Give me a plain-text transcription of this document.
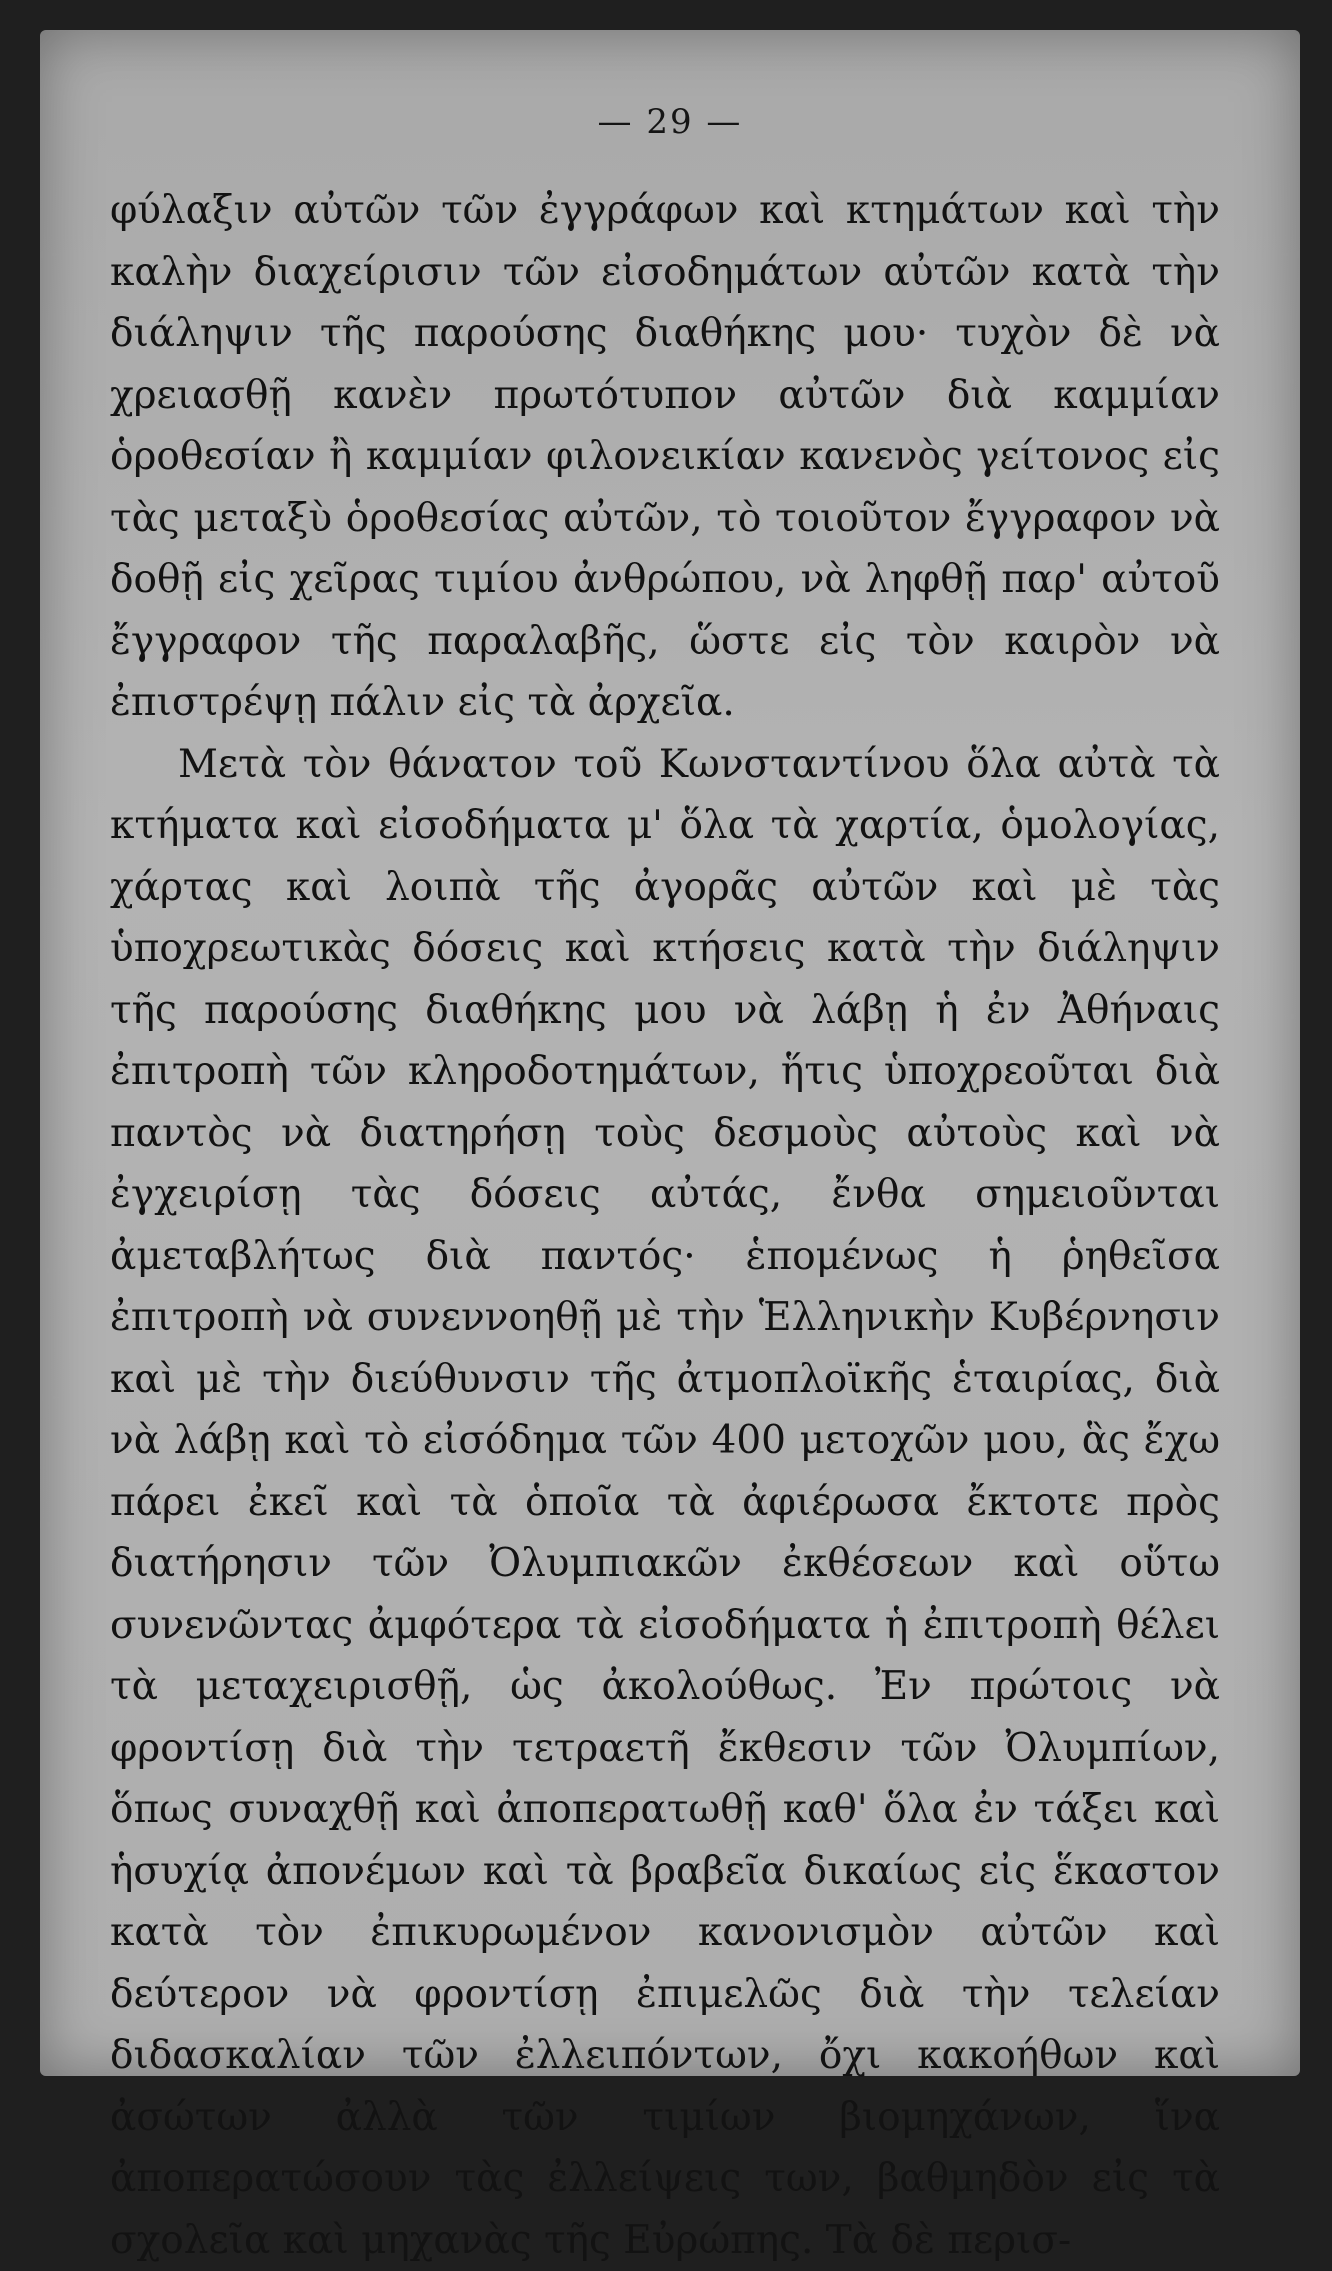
— 29 —

φύλαξιν αὐτῶν τῶν ἐγγράφων καὶ κτημάτων καὶ τὴν καλὴν διαχείρισιν τῶν εἰσοδημάτων αὐτῶν κατὰ τὴν διάληψιν τῆς παρούσης διαθήκης μου· τυχὸν δὲ νὰ χρειασθῇ κανὲν πρωτότυπον αὐτῶν διὰ καμμίαν ὁροθεσίαν ἢ καμμίαν φιλονεικίαν κανενὸς γείτονος εἰς τὰς μεταξὺ ὁροθεσίας αὐτῶν, τὸ τοιοῦτον ἔγγραφον νὰ δοθῇ εἰς χεῖρας τιμίου ἀνθρώπου, νὰ ληφθῇ παρ' αὐτοῦ ἔγγραφον τῆς παραλαβῆς, ὥστε εἰς τὸν καιρὸν νὰ ἐπιστρέψῃ πάλιν εἰς τὰ ἀρχεῖα.

Μετὰ τὸν θάνατον τοῦ Κωνσταντίνου ὅλα αὐτὰ τὰ κτήματα καὶ εἰσοδήματα μ' ὅλα τὰ χαρτία, ὁμολογίας, χάρτας καὶ λοιπὰ τῆς ἀγορᾶς αὐτῶν καὶ μὲ τὰς ὑποχρεωτικὰς δόσεις καὶ κτήσεις κατὰ τὴν διάληψιν τῆς παρούσης διαθήκης μου νὰ λάβῃ ἡ ἐν Ἀθήναις ἐπιτροπὴ τῶν κληροδοτημάτων, ἥτις ὑποχρεοῦται διὰ παντὸς νὰ διατηρήσῃ τοὺς δεσμοὺς αὐτοὺς καὶ νὰ ἐγχειρίσῃ τὰς δόσεις αὐτάς, ἔνθα σημειοῦνται ἀμεταβλήτως διὰ παντός· ἑπομένως ἡ ῥηθεῖσα ἐπιτροπὴ νὰ συνεννοηθῇ μὲ τὴν Ἑλληνικὴν Κυβέρνησιν καὶ μὲ τὴν διεύθυνσιν τῆς ἀτμοπλοϊκῆς ἑταιρίας, διὰ νὰ λάβῃ καὶ τὸ εἰσόδημα τῶν 400 μετοχῶν μου, ἃς ἔχω πάρει ἐκεῖ καὶ τὰ ὁποῖα τὰ ἀφιέρωσα ἔκτοτε πρὸς διατήρησιν τῶν Ὀλυμπιακῶν ἐκθέσεων καὶ οὕτω συνενῶντας ἀμφότερα τὰ εἰσοδήματα ἡ ἐπιτροπὴ θέλει τὰ μεταχειρισθῇ, ὡς ἀκολούθως. Ἐν πρώτοις νὰ φροντίσῃ διὰ τὴν τετραετῆ ἔκθεσιν τῶν Ὀλυμπίων, ὅπως συναχθῇ καὶ ἀποπερατωθῇ καθ' ὅλα ἐν τάξει καὶ ἡσυχίᾳ ἀπονέμων καὶ τὰ βραβεῖα δικαίως εἰς ἕκαστον κατὰ τὸν ἐπικυρωμένον κανονισμὸν αὐτῶν καὶ δεύτερον νὰ φροντίσῃ ἐπιμελῶς διὰ τὴν τελείαν διδασκαλίαν τῶν ἐλλειπόντων, ὄχι κακοήθων καὶ ἀσώτων ἀλλὰ τῶν τιμίων βιομηχάνων, ἵνα ἀποπερατώσουν τὰς ἐλλείψεις των, βαθμηδὸν εἰς τὰ σχολεῖα καὶ μηχανὰς τῆς Εὐρώπης. Τὰ δὲ περισ-
